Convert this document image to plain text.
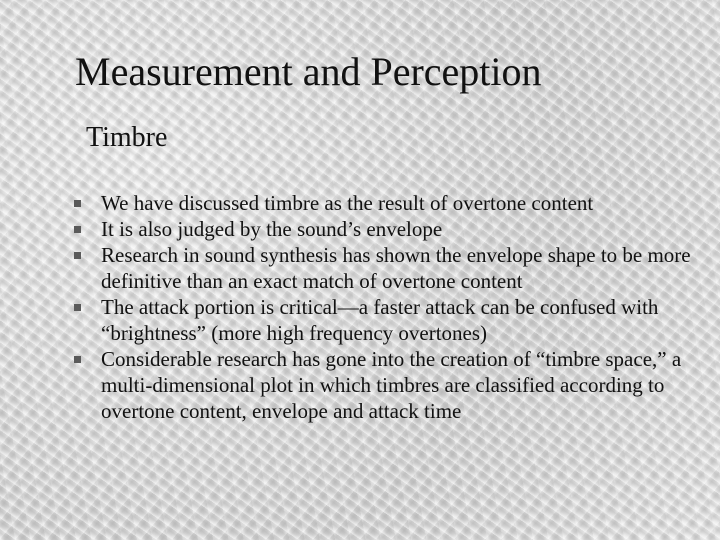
Measurement and Perception
Timbre
We have discussed timbre as the result of overtone content
It is also judged by the sound’s envelope
Research in sound synthesis has shown the envelope shape to be more definitive than an exact match of overtone content
The attack portion is critical—a faster attack can be confused with “brightness” (more high frequency overtones)
Considerable research has gone into the creation of “timbre space,” a multi-dimensional plot in which timbres are classified according to overtone content, envelope and attack time
